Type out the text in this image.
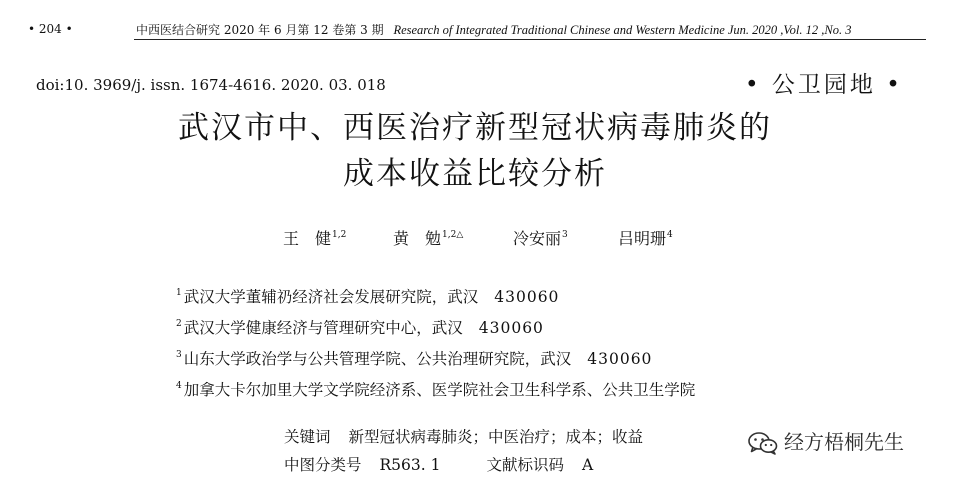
• 204 •	中西医结合研究 2020 年 6 月第 12 卷第 3 期 Research of Integrated Traditional Chinese and Western Medicine Jun. 2020 ,Vol. 12 ,No. 3
doi:10. 3969/j. issn. 1674-4616. 2020. 03. 018	• 公卫园地 •
武汉市中、西医治疗新型冠状病毒肺炎的
成本收益比较分析
王　健$^{1,2}$	黄　勉$^{1,2\triangle}$	冷安丽$^3$	吕明珊$^4$
$^1$ 武汉大学董辅礽经济社会发展研究院，武汉 430060
$^2$ 武汉大学健康经济与管理研究中心，武汉 430060
$^3$ 山东大学政治学与公共管理学院、公共治理研究院，武汉 430060
$^4$ 加拿大卡尔加里大学文学院经济系、医学院社会卫生科学系、公共卫生学院
关键词 新型冠状病毒肺炎；中医治疗；成本；收益
中图分类号 R563. 1	文献标识码 A
经方梧桐先生
